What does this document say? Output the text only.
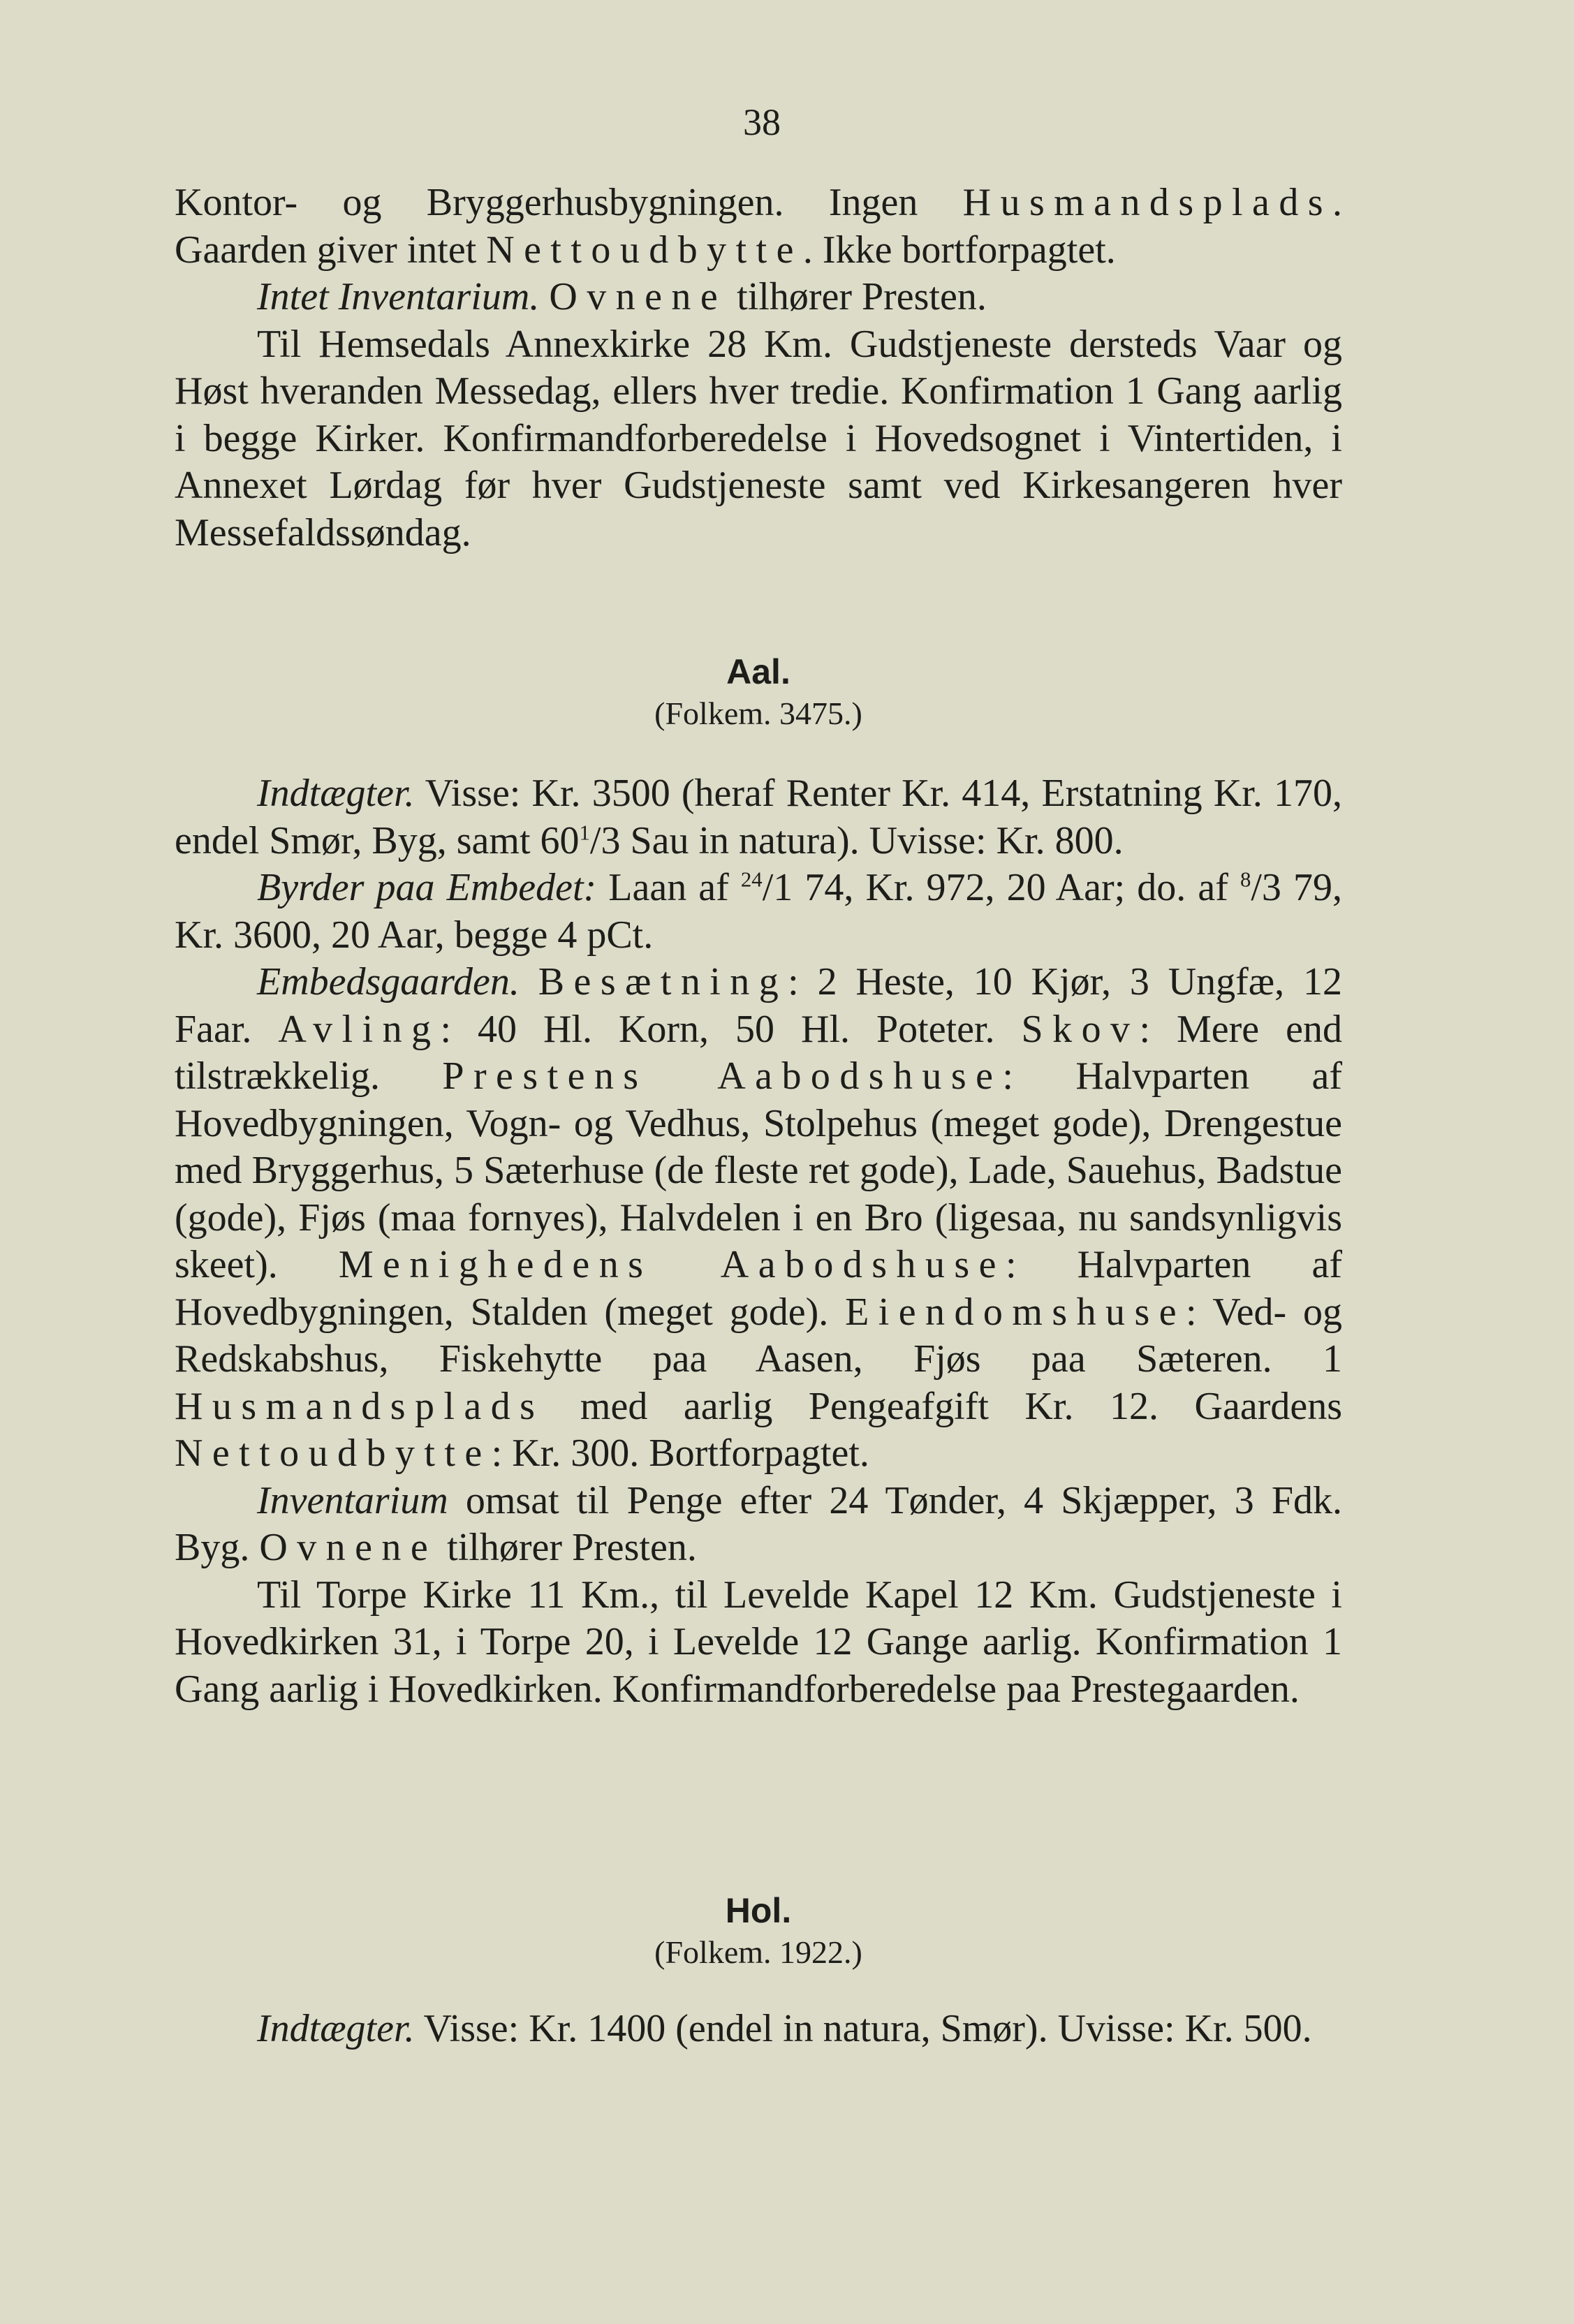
38

Kontor- og Bryggerhusbygningen. Ingen Husmandsplads. Gaarden giver intet Nettoudbytte. Ikke bortforpagtet.

Intet Inventarium. Ovnene tilhører Presten.

Til Hemsedals Annexkirke 28 Km. Gudstjeneste dersteds Vaar og Høst hveranden Messedag, ellers hver tredie. Konfirmation 1 Gang aarlig i begge Kirker. Konfirmandforberedelse i Hovedsognet i Vintertiden, i Annexet Lørdag før hver Gudstjeneste samt ved Kirkesangeren hver Messefaldssøndag.

Aal.

(Folkem. 3475.)

Indtægter. Visse: Kr. 3500 (heraf Renter Kr. 414, Erstatning Kr. 170, endel Smør, Byg, samt $60^1/3$ Sau in natura). Uvisse: Kr. 800.

Byrder paa Embedet: Laan af $^{24}$/1 74, Kr. 972, 20 Aar; do. af $^8$/3 79, Kr. 3600, 20 Aar, begge 4 pCt.

Embedsgaarden. Besætning: 2 Heste, 10 Kjør, 3 Ungfæ, 12 Faar. Avling: 40 Hl. Korn, 50 Hl. Poteter. Skov: Mere end tilstrækkelig. Prestens Aabodshuse: Halvparten af Hovedbygningen, Vogn- og Vedhus, Stolpehus (meget gode), Drengestue med Bryggerhus, 5 Sæterhuse (de fleste ret gode), Lade, Sauehus, Badstue (gode), Fjøs (maa fornyes), Halvdelen i en Bro (ligesaa, nu sandsynligvis skeet). Menighedens Aabodshuse: Halvparten af Hovedbygningen, Stalden (meget gode). Eiendomshuse: Ved- og Redskabshus, Fiskehytte paa Aasen, Fjøs paa Sæteren. 1 Husmandsplads med aarlig Pengeafgift Kr. 12. Gaardens Nettoudbytte: Kr. 300. Bortforpagtet.

Inventarium omsat til Penge efter 24 Tønder, 4 Skjæpper, 3 Fdk. Byg. Ovnene tilhører Presten.

Til Torpe Kirke 11 Km., til Levelde Kapel 12 Km. Gudstjeneste i Hovedkirken 31, i Torpe 20, i Levelde 12 Gange aarlig. Konfirmation 1 Gang aarlig i Hovedkirken. Konfirmandforberedelse paa Prestegaarden.

Hol.

(Folkem. 1922.)

Indtægter. Visse: Kr. 1400 (endel in natura, Smør). Uvisse: Kr. 500.
